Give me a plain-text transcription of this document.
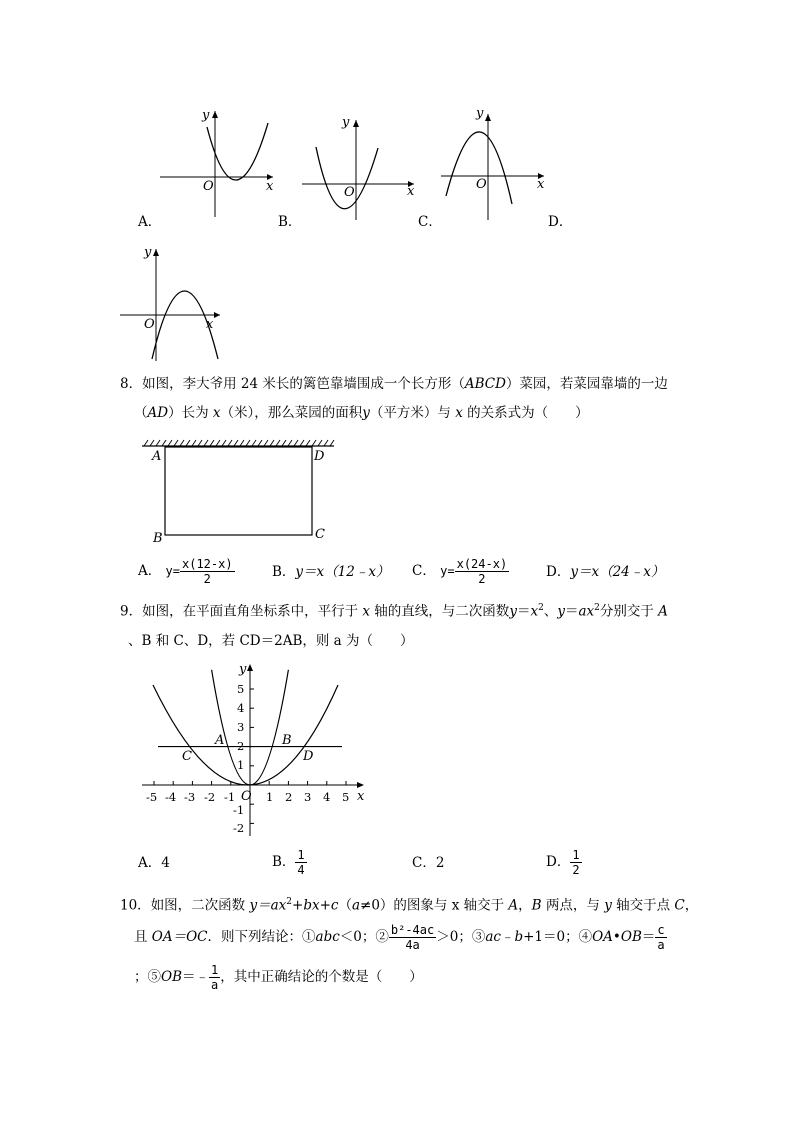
y
x
O
y
x
O
y
x
O
A．	B．	C．	D．
y
x
O
8．如图，李大爷用 24 米长的篱笆靠墙围成一个长方形（ABCD）菜园，若菜园靠墙的一边
（AD）长为 x（米），那么菜园的面积y（平方米）与 x 的关系式为（　　）
A	D
B	C
A． $y= \frac{x(12-x)}{2}$	B．y＝x（12﹣x） C． $y= \frac{x(24-x)}{2}$	D．y＝x（24﹣x）
9．如图，在平面直角坐标系中，平行于 x 轴的直线，与二次函数$y=x^2$、$y=ax^2$分别交于 A
、B 和 C、D，若 CD＝2AB，则 a 为（　　）
-5 -4 -3 -2 -1	1 2 3 4 5
5
4
3
2
1
-1
-2
y
x
O
A	B
C	D
A．4	B． $\frac{1}{4}$	C．2	D． $\frac{1}{2}$
10．如图，二次函数 $y=ax^2+bx+c(a\ne 0)$的图象与 x 轴交于 A，B 两点，与 y 轴交于点 C，
且 OA＝OC．则下列结论：①abc＜0；② $\frac{\text{b²-4ac}}{4a} >0$；③ac﹣b+1＝0；④OA•OB＝ $\frac{c}{a}$
；⑤OB＝﹣ $\frac{1}{a}$ ，其中正确结论的个数是（　　）
